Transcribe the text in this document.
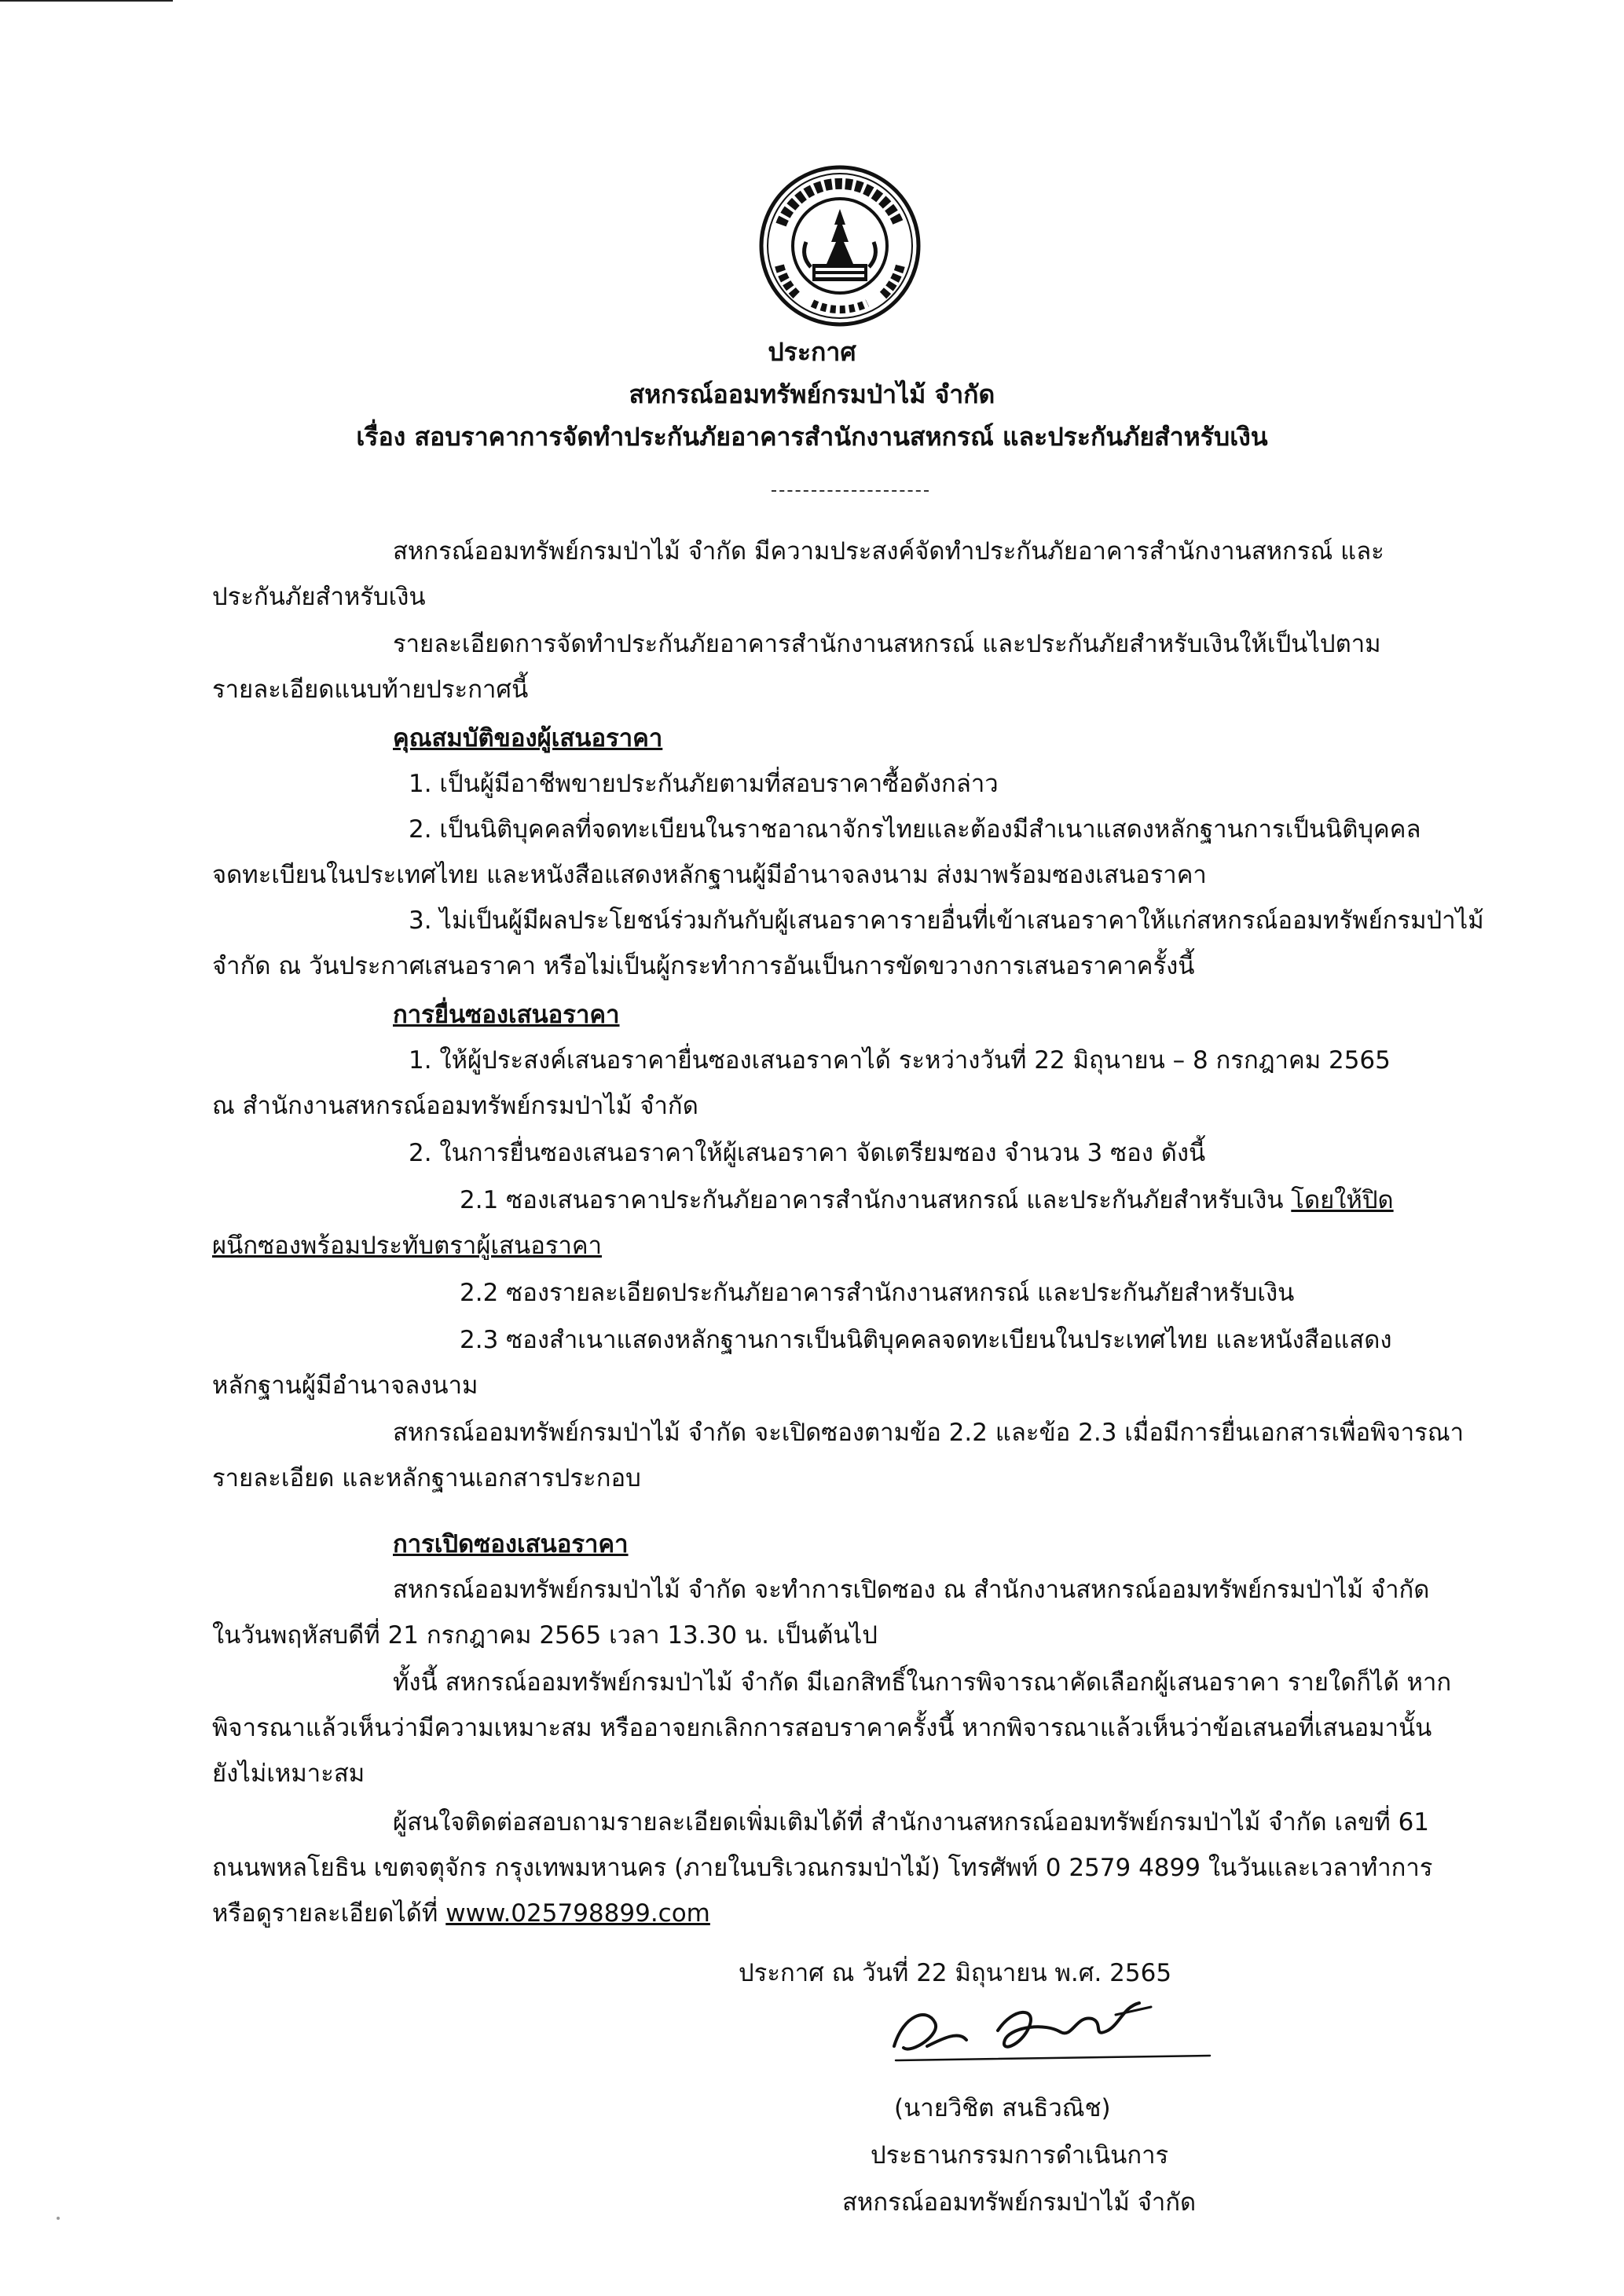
ประกาศ
สหกรณ์ออมทรัพย์กรมป่าไม้ จำกัด
เรื่อง สอบราคาการจัดทำประกันภัยอาคารสำนักงานสหกรณ์ และประกันภัยสำหรับเงิน
สหกรณ์ออมทรัพย์กรมป่าไม้ จำกัด มีความประสงค์จัดทำประกันภัยอาคารสำนักงานสหกรณ์ และ
ประกันภัยสำหรับเงิน
รายละเอียดการจัดทำประกันภัยอาคารสำนักงานสหกรณ์ และประกันภัยสำหรับเงินให้เป็นไปตาม
รายละเอียดแนบท้ายประกาศนี้
คุณสมบัติของผู้เสนอราคา
1. เป็นผู้มีอาชีพขายประกันภัยตามที่สอบราคาซื้อดังกล่าว
2. เป็นนิติบุคคลที่จดทะเบียนในราชอาณาจักรไทยและต้องมีสำเนาแสดงหลักฐานการเป็นนิติบุคคล
จดทะเบียนในประเทศไทย และหนังสือแสดงหลักฐานผู้มีอำนาจลงนาม ส่งมาพร้อมซองเสนอราคา
3. ไม่เป็นผู้มีผลประโยชน์ร่วมกันกับผู้เสนอราคารายอื่นที่เข้าเสนอราคาให้แก่สหกรณ์ออมทรัพย์กรมป่าไม้
จำกัด ณ วันประกาศเสนอราคา หรือไม่เป็นผู้กระทำการอันเป็นการขัดขวางการเสนอราคาครั้งนี้
การยื่นซองเสนอราคา
1. ให้ผู้ประสงค์เสนอราคายื่นซองเสนอราคาได้ ระหว่างวันที่ 22 มิถุนายน – 8 กรกฎาคม 2565
ณ สำนักงานสหกรณ์ออมทรัพย์กรมป่าไม้ จำกัด
2. ในการยื่นซองเสนอราคาให้ผู้เสนอราคา จัดเตรียมซอง จำนวน 3 ซอง ดังนี้
2.1 ซองเสนอราคาประกันภัยอาคารสำนักงานสหกรณ์ และประกันภัยสำหรับเงิน โดยให้ปิด
ผนึกซองพร้อมประทับตราผู้เสนอราคา
2.2 ซองรายละเอียดประกันภัยอาคารสำนักงานสหกรณ์ และประกันภัยสำหรับเงิน
2.3 ซองสำเนาแสดงหลักฐานการเป็นนิติบุคคลจดทะเบียนในประเทศไทย และหนังสือแสดง
หลักฐานผู้มีอำนาจลงนาม
สหกรณ์ออมทรัพย์กรมป่าไม้ จำกัด จะเปิดซองตามข้อ 2.2 และข้อ 2.3 เมื่อมีการยื่นเอกสารเพื่อพิจารณา
รายละเอียด และหลักฐานเอกสารประกอบ
การเปิดซองเสนอราคา
สหกรณ์ออมทรัพย์กรมป่าไม้ จำกัด จะทำการเปิดซอง ณ สำนักงานสหกรณ์ออมทรัพย์กรมป่าไม้ จำกัด
ในวันพฤหัสบดีที่ 21 กรกฎาคม 2565 เวลา 13.30 น. เป็นต้นไป
ทั้งนี้ สหกรณ์ออมทรัพย์กรมป่าไม้ จำกัด มีเอกสิทธิ์ในการพิจารณาคัดเลือกผู้เสนอราคา รายใดก็ได้ หาก
พิจารณาแล้วเห็นว่ามีความเหมาะสม หรืออาจยกเลิกการสอบราคาครั้งนี้ หากพิจารณาแล้วเห็นว่าข้อเสนอที่เสนอมานั้น
ยังไม่เหมาะสม
ผู้สนใจติดต่อสอบถามรายละเอียดเพิ่มเติมได้ที่ สำนักงานสหกรณ์ออมทรัพย์กรมป่าไม้ จำกัด เลขที่ 61
ถนนพหลโยธิน เขตจตุจักร กรุงเทพมหานคร (ภายในบริเวณกรมป่าไม้) โทรศัพท์ 0 2579 4899 ในวันและเวลาทำการ
หรือดูรายละเอียดได้ที่ www.025798899.com
ประกาศ ณ วันที่ 22 มิถุนายน พ.ศ. 2565
(นายวิชิต สนธิวณิช)
ประธานกรรมการดำเนินการ
สหกรณ์ออมทรัพย์กรมป่าไม้ จำกัด
